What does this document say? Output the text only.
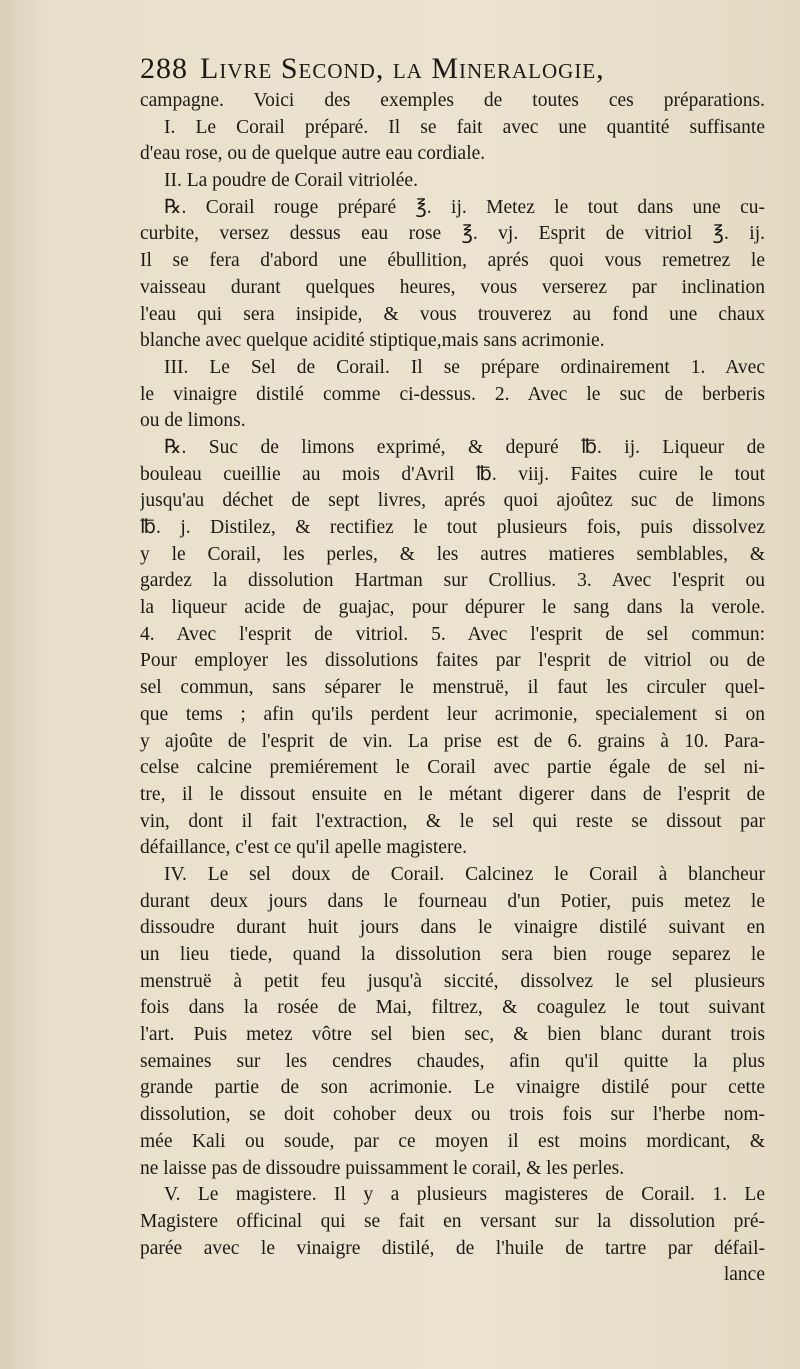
288 Livre Second, la Mineralogie,
campagne. Voici des exemples de toutes ces préparations.
I. Le Corail préparé. Il se fait avec une quantité suffisante
d'eau rose, ou de quelque autre eau cordiale.
II. La poudre de Corail vitriolée.
℞. Corail rouge préparé ℥. ij. Metez le tout dans une cu-
curbite, versez dessus eau rose ℥. vj. Esprit de vitriol ℥. ij.
Il se fera d'abord une ébullition, aprés quoi vous remetrez le
vaisseau durant quelques heures, vous verserez par inclination
l'eau qui sera insipide, & vous trouverez au fond une chaux
blanche avec quelque acidité stiptique,mais sans acrimonie.
III. Le Sel de Corail. Il se prépare ordinairement 1. Avec
le vinaigre distilé comme ci-dessus. 2. Avec le suc de berberis
ou de limons.
℞. Suc de limons exprimé, & depuré ℔. ij. Liqueur de
bouleau cueillie au mois d'Avril ℔. viij. Faites cuire le tout
jusqu'au déchet de sept livres, aprés quoi ajoûtez suc de limons
℔. j. Distilez, & rectifiez le tout plusieurs fois, puis dissolvez
y le Corail, les perles, & les autres matieres semblables, &
gardez la dissolution Hartman sur Crollius. 3. Avec l'esprit ou
la liqueur acide de guajac, pour dépurer le sang dans la verole.
4. Avec l'esprit de vitriol. 5. Avec l'esprit de sel commun:
Pour employer les dissolutions faites par l'esprit de vitriol ou de
sel commun, sans séparer le menstruë, il faut les circuler quel-
que tems ; afin qu'ils perdent leur acrimonie, specialement si on
y ajoûte de l'esprit de vin. La prise est de 6. grains à 10. Para-
celse calcine premiérement le Corail avec partie égale de sel ni-
tre, il le dissout ensuite en le métant digerer dans de l'esprit de
vin, dont il fait l'extraction, & le sel qui reste se dissout par
défaillance, c'est ce qu'il apelle magistere.
IV. Le sel doux de Corail. Calcinez le Corail à blancheur
durant deux jours dans le fourneau d'un Potier, puis metez le
dissoudre durant huit jours dans le vinaigre distilé suivant en
un lieu tiede, quand la dissolution sera bien rouge separez le
menstruë à petit feu jusqu'à siccité, dissolvez le sel plusieurs
fois dans la rosée de Mai, filtrez, & coagulez le tout suivant
l'art. Puis metez vôtre sel bien sec, & bien blanc durant trois
semaines sur les cendres chaudes, afin qu'il quitte la plus
grande partie de son acrimonie. Le vinaigre distilé pour cette
dissolution, se doit cohober deux ou trois fois sur l'herbe nom-
mée Kali ou soude, par ce moyen il est moins mordicant, &
ne laisse pas de dissoudre puissamment le corail, & les perles.
V. Le magistere. Il y a plusieurs magisteres de Corail. 1. Le
Magistere officinal qui se fait en versant sur la dissolution pré-
parée avec le vinaigre distilé, de l'huile de tartre par défail-
lance
